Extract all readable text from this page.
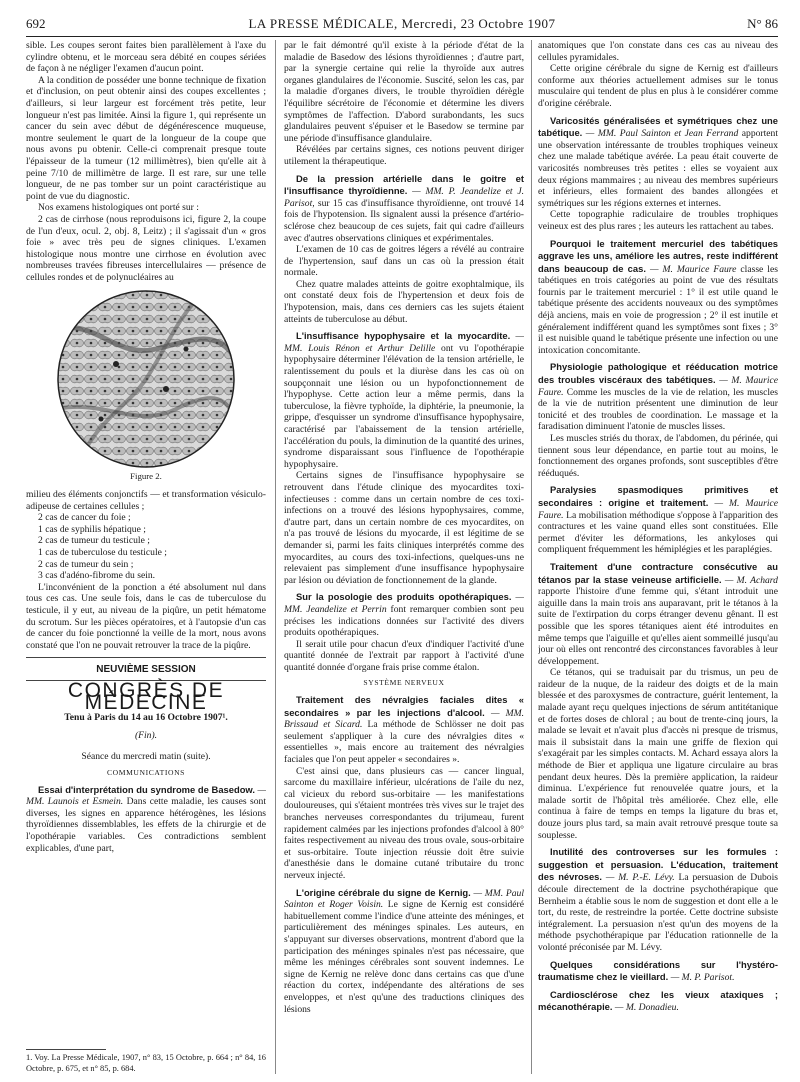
692	LA PRESSE MÉDICALE, Mercredi, 23 Octobre 1907	N° 86

sible. Les coupes seront faites bien parallèlement à l'axe du cylindre obtenu, et le morceau sera débité en coupes sériées de façon à ne négliger l'examen d'aucun point.

A la condition de posséder une bonne technique de fixation et d'inclusion, on peut obtenir ainsi des coupes excellentes ; d'ailleurs, si leur largeur est forcément très petite, leur longueur n'est pas limitée. Ainsi la figure 1, qui représente un cancer du sein avec début de dégénérescence muqueuse, montre seulement le quart de la longueur de la coupe que nous avons pu obtenir. Celle-ci comprenait presque toute l'épaisseur de la tumeur (12 millimètres), bien qu'elle ait à peine 7/10 de millimètre de large. Il est rare, sur une telle longueur, de ne pas tomber sur un point caractéristique au point de vue du diagnostic.

Nos examens histologiques ont porté sur :

2 cas de cirrhose (nous reproduisons ici, figure 2, la coupe de l'un d'eux, ocul. 2, obj. 8, Leitz) ; il s'agissait d'un « gros foie » avec très peu de signes cliniques. L'examen histologique nous montre une cirrhose en évolution avec nombreuses travées fibreuses intercellulaires — présence de cellules rondes et de polynucléaires au

Figure 2.

milieu des éléments conjonctifs — et transformation vésiculo-adipeuse de certaines cellules ;

2 cas de cancer du foie ;

1 cas de syphilis hépatique ;

2 cas de tumeur du testicule ;

1 cas de tuberculose du testicule ;

2 cas de tumeur du sein ;

3 cas d'adéno-fibrome du sein.

L'inconvénient de la ponction a été absolument nul dans tous ces cas. Une seule fois, dans le cas de tuberculose du testicule, il y eut, au niveau de la piqûre, un petit hématome du scrotum. Sur les pièces opératoires, et à l'autopsie d'un cas de cancer du foie ponctionné la veille de la mort, nous avons constaté que l'on ne pouvait retrouver la trace de la piqûre.

NEUVIÈME SESSION
CONGRÈS DE MÉDECINE
Tenu à Paris du 14 au 16 Octobre 1907¹.
(Fin).
Séance du mercredi matin (suite).
COMMUNICATIONS

Essai d'interprétation du syndrome de Basedow. — MM. Launois et Esmein. Dans cette maladie, les causes sont diverses, les signes en apparence hétérogènes, les lésions thyroïdiennes dissemblables, les effets de la chirurgie et de l'opothérapie variables. Ces contradictions semblent explicables, d'une part,

1. Voy. La Presse Médicale, 1907, n° 83, 15 Octobre, p. 664 ; n° 84, 16 Octobre, p. 675, et n° 85, p. 684.

par le fait démontré qu'il existe à la période d'état de la maladie de Basedow des lésions thyroïdiennes ; d'autre part, par la synergie certaine qui relie la thyroïde aux autres organes glandulaires de l'économie. Suscité, selon les cas, par la maladie d'organes divers, le trouble thyroïdien dérègle l'équilibre sécrétoire de l'économie et détermine les divers symptômes de l'affection. D'abord surabondants, les sucs glandulaires peuvent s'épuiser et le Basedow se termine par une période d'insuffisance glandulaire.

Révélées par certains signes, ces notions peuvent diriger utilement la thérapeutique.

De la pression artérielle dans le goitre et l'insuffisance thyroïdienne. — MM. P. Jeandelize et J. Parisot, sur 15 cas d'insuffisance thyroïdienne, ont trouvé 14 fois de l'hypotension. Ils signalent aussi la présence d'artério-sclérose chez beaucoup de ces sujets, fait qui cadre d'ailleurs avec d'autres observations cliniques et expérimentales.

L'examen de 10 cas de goitres légers a révélé au contraire de l'hypertension, sauf dans un cas où la pression était normale.

Chez quatre malades atteints de goitre exophtalmique, ils ont constaté deux fois de l'hypertension et deux fois de l'hypotension, mais, dans ces derniers cas les sujets étaient atteints de tuberculose au début.

L'insuffisance hypophysaire et la myocardite. — MM. Louis Rénon et Arthur Delille ont vu l'opothérapie hypophysaire déterminer l'élévation de la tension artérielle, le ralentissement du pouls et la diurèse dans les cas où on soupçonnait une lésion ou un hypofonctionnement de l'hypophyse. Cette action leur a même permis, dans la tuberculose, la fièvre typhoïde, la diphtérie, la pneumonie, la grippe, d'esquisser un syndrome d'insuffisance hypophysaire, caractérisé par l'abaissement de la tension artérielle, l'accélération du pouls, la diminution de la quantité des urines, syndrome disparaissant sous l'influence de l'opothérapie hypophysaire.

Certains signes de l'insuffisance hypophysaire se retrouvent dans l'étude clinique des myocardites toxi-infectieuses : comme dans un certain nombre de ces toxi-infections on a trouvé des lésions hypophysaires, comme, d'autre part, dans un certain nombre de ces myocardites, on n'a pas trouvé de lésions du myocarde, il est légitime de se demander si, parmi les faits cliniques interprétés comme des myocardites, au cours des toxi-infections, quelques-uns ne relevaient pas simplement d'une insuffisance hypophysaire par lésion ou déviation de fonctionnement de la glande.

Sur la posologie des produits opothérapiques. — MM. Jeandelize et Perrin font remarquer combien sont peu précises les indications données sur l'activité des divers produits opothérapiques.

Il serait utile pour chacun d'eux d'indiquer l'activité d'une quantité donnée de l'extrait par rapport à l'activité d'une quantité donnée d'organe frais prise comme étalon.

SYSTÈME NERVEUX

Traitement des névralgies faciales dites « secondaires » par les injections d'alcool. — MM. Brissaud et Sicard. La méthode de Schlösser ne doit pas seulement s'appliquer à la cure des névralgies dites « essentielles », mais encore au traitement des névralgies faciales que l'on peut appeler « secondaires ».

C'est ainsi que, dans plusieurs cas — cancer lingual, sarcome du maxillaire inférieur, ulcérations de l'aile du nez, cal vicieux du rebord sus-orbitaire — les manifestations douloureuses, qui s'étaient montrées très vives sur le trajet des branches nerveuses correspondantes du trijumeau, furent rapidement calmées par les injections profondes d'alcool à 80° faites respectivement au niveau des trous ovale, sous-orbitaire et sus-orbitaire. Toute injection réussie doit être suivie d'anesthésie dans le domaine cutané tributaire du tronc nerveux injecté.

L'origine cérébrale du signe de Kernig. — MM. Paul Sainton et Roger Voisin. Le signe de Kernig est considéré habituellement comme l'indice d'une atteinte des méninges, et particulièrement des méninges spinales. Les auteurs, en s'appuyant sur diverses observations, montrent d'abord que la participation des méninges spinales n'est pas nécessaire, que même les méninges cérébrales sont souvent indemnes. Le signe de Kernig ne relève donc dans certains cas que d'une réaction du cortex, indépendante des altérations de ses enveloppes, et n'est qu'une des traductions cliniques des lésions

anatomiques que l'on constate dans ces cas au niveau des cellules pyramidales.

Cette origine cérébrale du signe de Kernig est d'ailleurs conforme aux théories actuellement admises sur le tonus musculaire qui tendent de plus en plus à le considérer comme d'origine cérébrale.

Varicosités généralisées et symétriques chez une tabétique. — MM. Paul Sainton et Jean Ferrand apportent une observation intéressante de troubles trophiques veineux chez une malade tabétique avérée. La peau était couverte de varicosités nombreuses très petites : elles se voyaient aux deux régions mammaires ; au niveau des membres supérieurs et inférieurs, elles formaient des bandes allongées et symétriques sur les régions externes et internes.

Cette topographie radiculaire de troubles trophiques veineux est des plus rares ; les auteurs les rattachent au tabes.

Pourquoi le traitement mercuriel des tabétiques aggrave les uns, améliore les autres, reste indifférent dans beaucoup de cas. — M. Maurice Faure classe les tabétiques en trois catégories au point de vue des résultats fournis par le traitement mercuriel : 1° il est utile quand le tabétique présente des accidents nouveaux ou des symptômes déjà anciens, mais en voie de progression ; 2° il est inutile et généralement indifférent quand les symptômes sont fixes ; 3° il est nuisible quand le tabétique présente une infection ou une intoxication concomitante.

Physiologie pathologique et rééducation motrice des troubles viscéraux des tabétiques. — M. Maurice Faure. Comme les muscles de la vie de relation, les muscles de la vie de nutrition présentent une diminution de leur tonicité et des troubles de coordination. Le massage et la faradisation diminuent l'atonie de muscles lisses.

Les muscles striés du thorax, de l'abdomen, du périnée, qui tiennent sous leur dépendance, en partie tout au moins, le fonctionnement des organes profonds, sont susceptibles d'être rééduqués.

Paralysies spasmodiques primitives et secondaires : origine et traitement. — M. Maurice Faure. La mobilisation méthodique s'oppose à l'apparition des contractures et les vaine quand elles sont constituées. Elle permet d'éviter les déformations, les ankyloses qui compliquent fréquemment les hémiplégies et les paraplégies.

Traitement d'une contracture consécutive au tétanos par la stase veineuse artificielle. — M. Achard rapporte l'histoire d'une femme qui, s'étant introduit une aiguille dans la main trois ans auparavant, prit le tétanos à la suite de l'extirpation du corps étranger devenu gênant. Il est possible que les spores tétaniques aient été introduites en même temps que l'aiguille et qu'elles aient sommeillé jusqu'au jour où elles ont rencontré des circonstances favorables à leur développement.

Ce tétanos, qui se traduisait par du trismus, un peu de raideur de la nuque, de la raideur des doigts et de la main blessée et des paroxysmes de contracture, guérit lentement, la malade ayant reçu quelques injections de sérum antitétanique et de fortes doses de chloral ; au bout de trente-cinq jours, la malade se levait et n'avait plus d'accès ni presque de trismus, mais il subsistait dans la main une griffe de flexion qui s'exagérait par les simples contacts. M. Achard essaya alors la méthode de Bier et appliqua une ligature circulaire au bras pendant deux heures. Dès la première application, la raideur diminua. L'expérience fut renouvelée quatre jours, et la malade sortit de l'hôpital très améliorée. Chez elle, elle continua à faire de temps en temps la ligature du bras et, douze jours plus tard, sa main avait retrouvé presque toute sa souplesse.

Inutilité des controverses sur les formules : suggestion et persuasion. L'éducation, traitement des névroses. — M. P.-E. Lévy. La persuasion de Dubois découle directement de la doctrine psychothérapique que Bernheim a établie sous le nom de suggestion et dont elle a le tort, du reste, de restreindre la portée. Cette doctrine subsiste intégralement. La persuasion n'est qu'un des moyens de la méthode psychothérapique par l'éducation rationnelle de la volonté préconisée par M. Lévy.

Quelques considérations sur l'hystéro-traumatisme chez le vieillard. — M. P. Parisot.

Cardiosclérose chez les vieux ataxiques ; mécanothérapie. — M. Donadieu.
